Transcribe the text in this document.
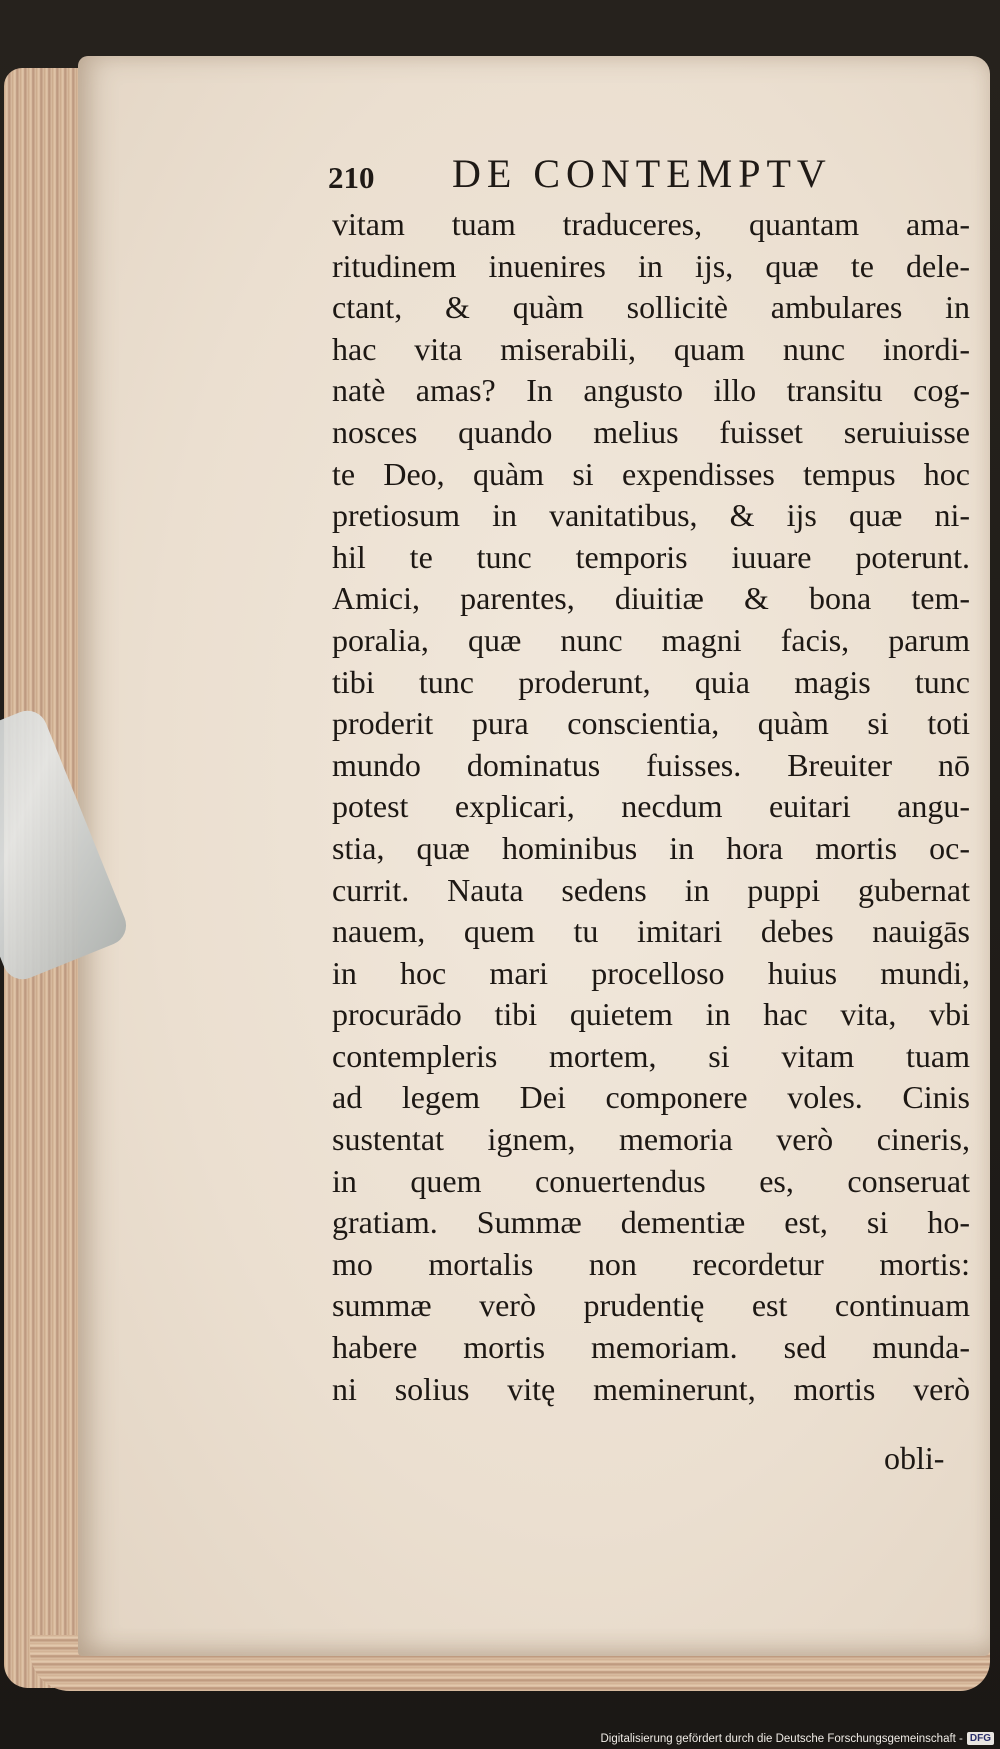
210 DE CONTEMPTV
vitam tuam traduceres, quantam ama-
ritudinem inuenires in ijs, quæ te dele-
ctant, & quàm sollicitè ambulares in
hac vita miserabili, quam nunc inordi-
natè amas? In angusto illo transitu cog-
nosces quando melius fuisset seruiuisse
te Deo, quàm si expendisses tempus hoc
pretiosum in vanitatibus, & ijs quæ ni-
hil te tunc temporis iuuare poterunt.
Amici, parentes, diuitiæ & bona tem-
poralia, quæ nunc magni facis, parum
tibi tunc proderunt, quia magis tunc
proderit pura conscientia, quàm si toti
mundo dominatus fuisses. Breuiter nō
potest explicari, necdum euitari angu-
stia, quæ hominibus in hora mortis oc-
currit. Nauta sedens in puppi gubernat
nauem, quem tu imitari debes nauigās
in hoc mari procelloso huius mundi,
procurādo tibi quietem in hac vita, vbi
contempleris mortem, si vitam tuam
ad legem Dei componere voles. Cinis
sustentat ignem, memoria verò cineris,
in quem conuertendus es, conseruat
gratiam. Summæ dementiæ est, si ho-
mo mortalis non recordetur mortis:
summæ verò prudentię est continuam
habere mortis memoriam. sed munda-
ni solius vitę meminerunt, mortis verò
obli-
Digitalisierung gefördert durch die Deutsche Forschungsgemeinschaft - DFG
